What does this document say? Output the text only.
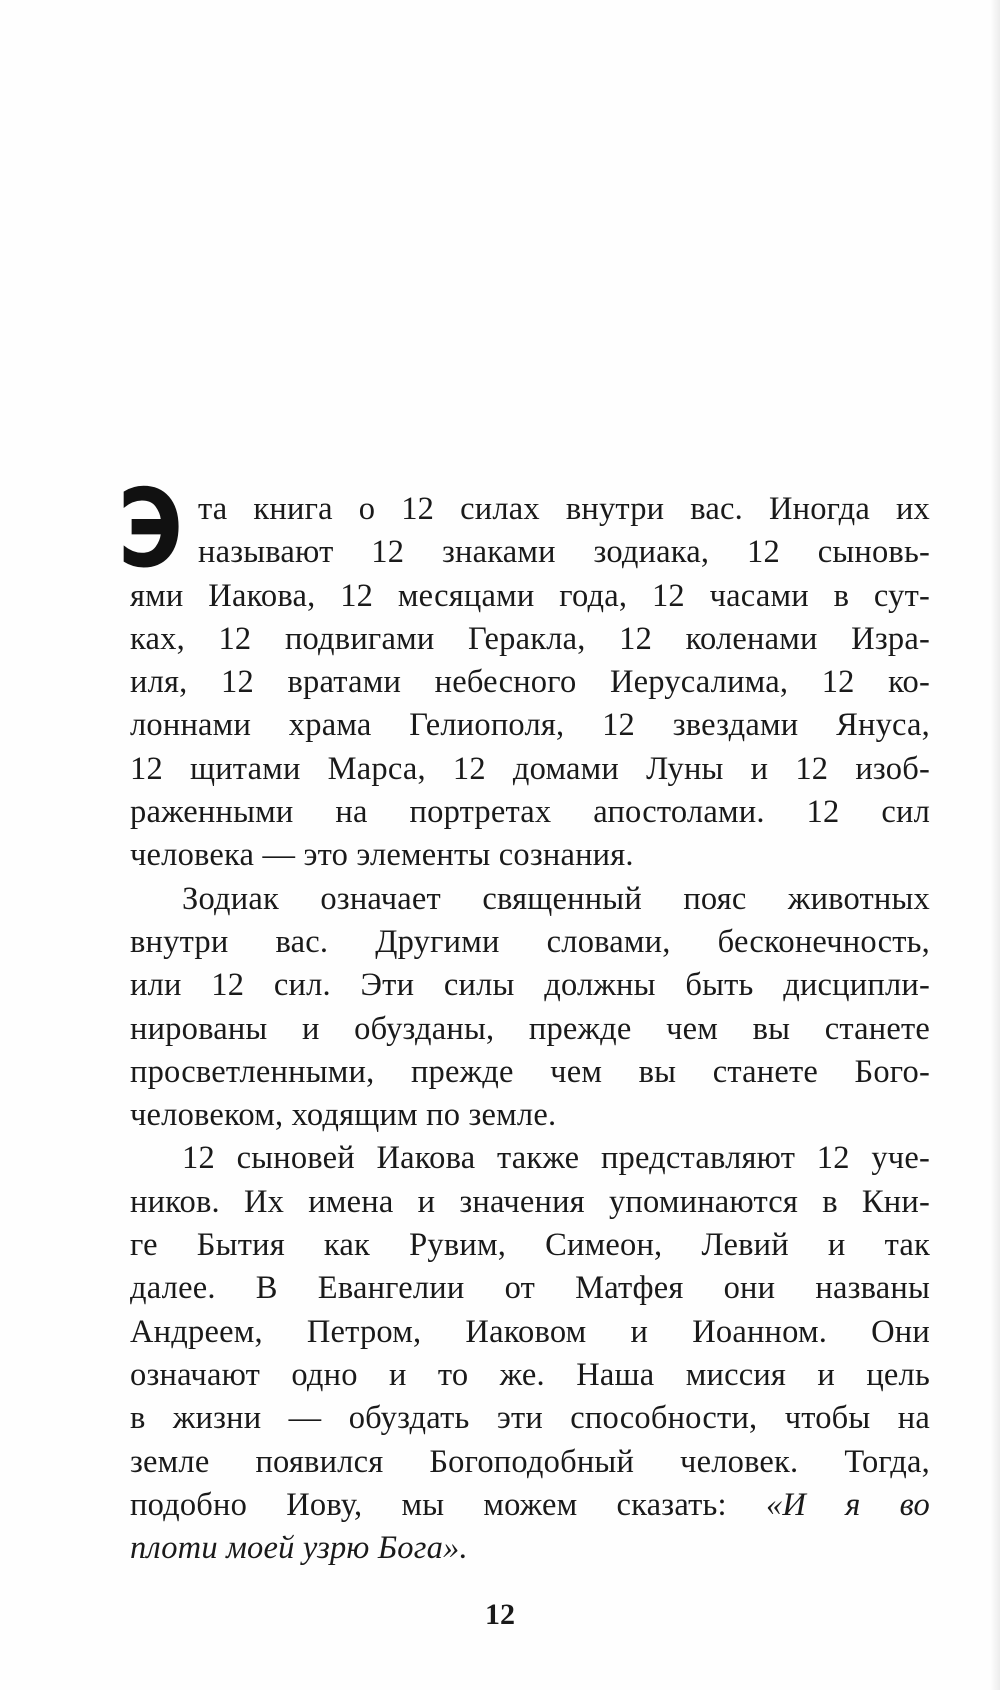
Э та книга о 12 силах внутри вас. Иногда их
называют 12 знаками зодиака, 12 сыновь-
ями Иакова, 12 месяцами года, 12 часами в сут-
ках, 12 подвигами Геракла, 12 коленами Изра-
иля, 12 вратами небесного Иерусалима, 12 ко-
лоннами храма Гелиополя, 12 звездами Януса,
12 щитами Марса, 12 домами Луны и 12 изоб-
раженными на портретах апостолами. 12 сил
человека — это элементы сознания.
Зодиак означает священный пояс животных
внутри вас. Другими словами, бесконечность,
или 12 сил. Эти силы должны быть дисципли-
нированы и обузданы, прежде чем вы станете
просветленными, прежде чем вы станете Бого-
человеком, ходящим по земле.
12 сыновей Иакова также представляют 12 уче-
ников. Их имена и значения упоминаются в Кни-
ге Бытия как Рувим, Симеон, Левий и так
далее. В Евангелии от Матфея они названы
Андреем, Петром, Иаковом и Иоанном. Они
означают одно и то же. Наша миссия и цель
в жизни — обуздать эти способности, чтобы на
земле появился Богоподобный человек. Тогда,
подобно Иову, мы можем сказать: «И я во
плоти моей узрю Бога».
12
